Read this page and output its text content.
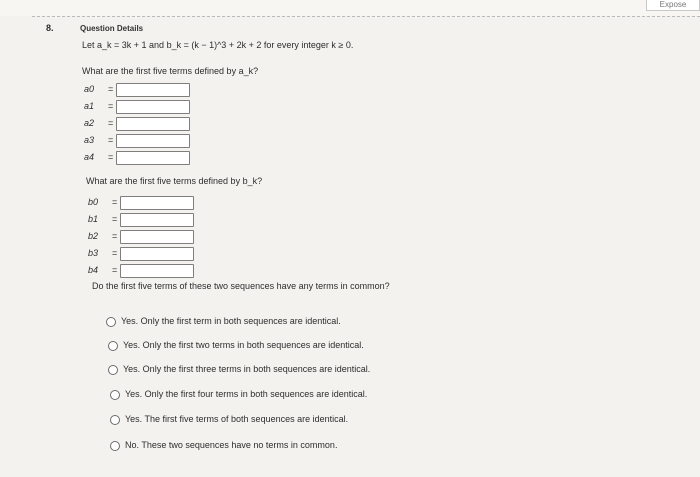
Expose
8.	Question Details
Let a_k = 3k + 1 and b_k = (k − 1)^3 + 2k + 2 for every integer k ≥ 0.
What are the first five terms defined by a_k?
a0 =
a1 =
a2 =
a3 =
a4 =
What are the first five terms defined by b_k?
b0 =
b1 =
b2 =
b3 =
b4 =
Do the first five terms of these two sequences have any terms in common?
Yes. Only the first term in both sequences are identical.
Yes. Only the first two terms in both sequences are identical.
Yes. Only the first three terms in both sequences are identical.
Yes. Only the first four terms in both sequences are identical.
Yes. The first five terms of both sequences are identical.
No. These two sequences have no terms in common.
